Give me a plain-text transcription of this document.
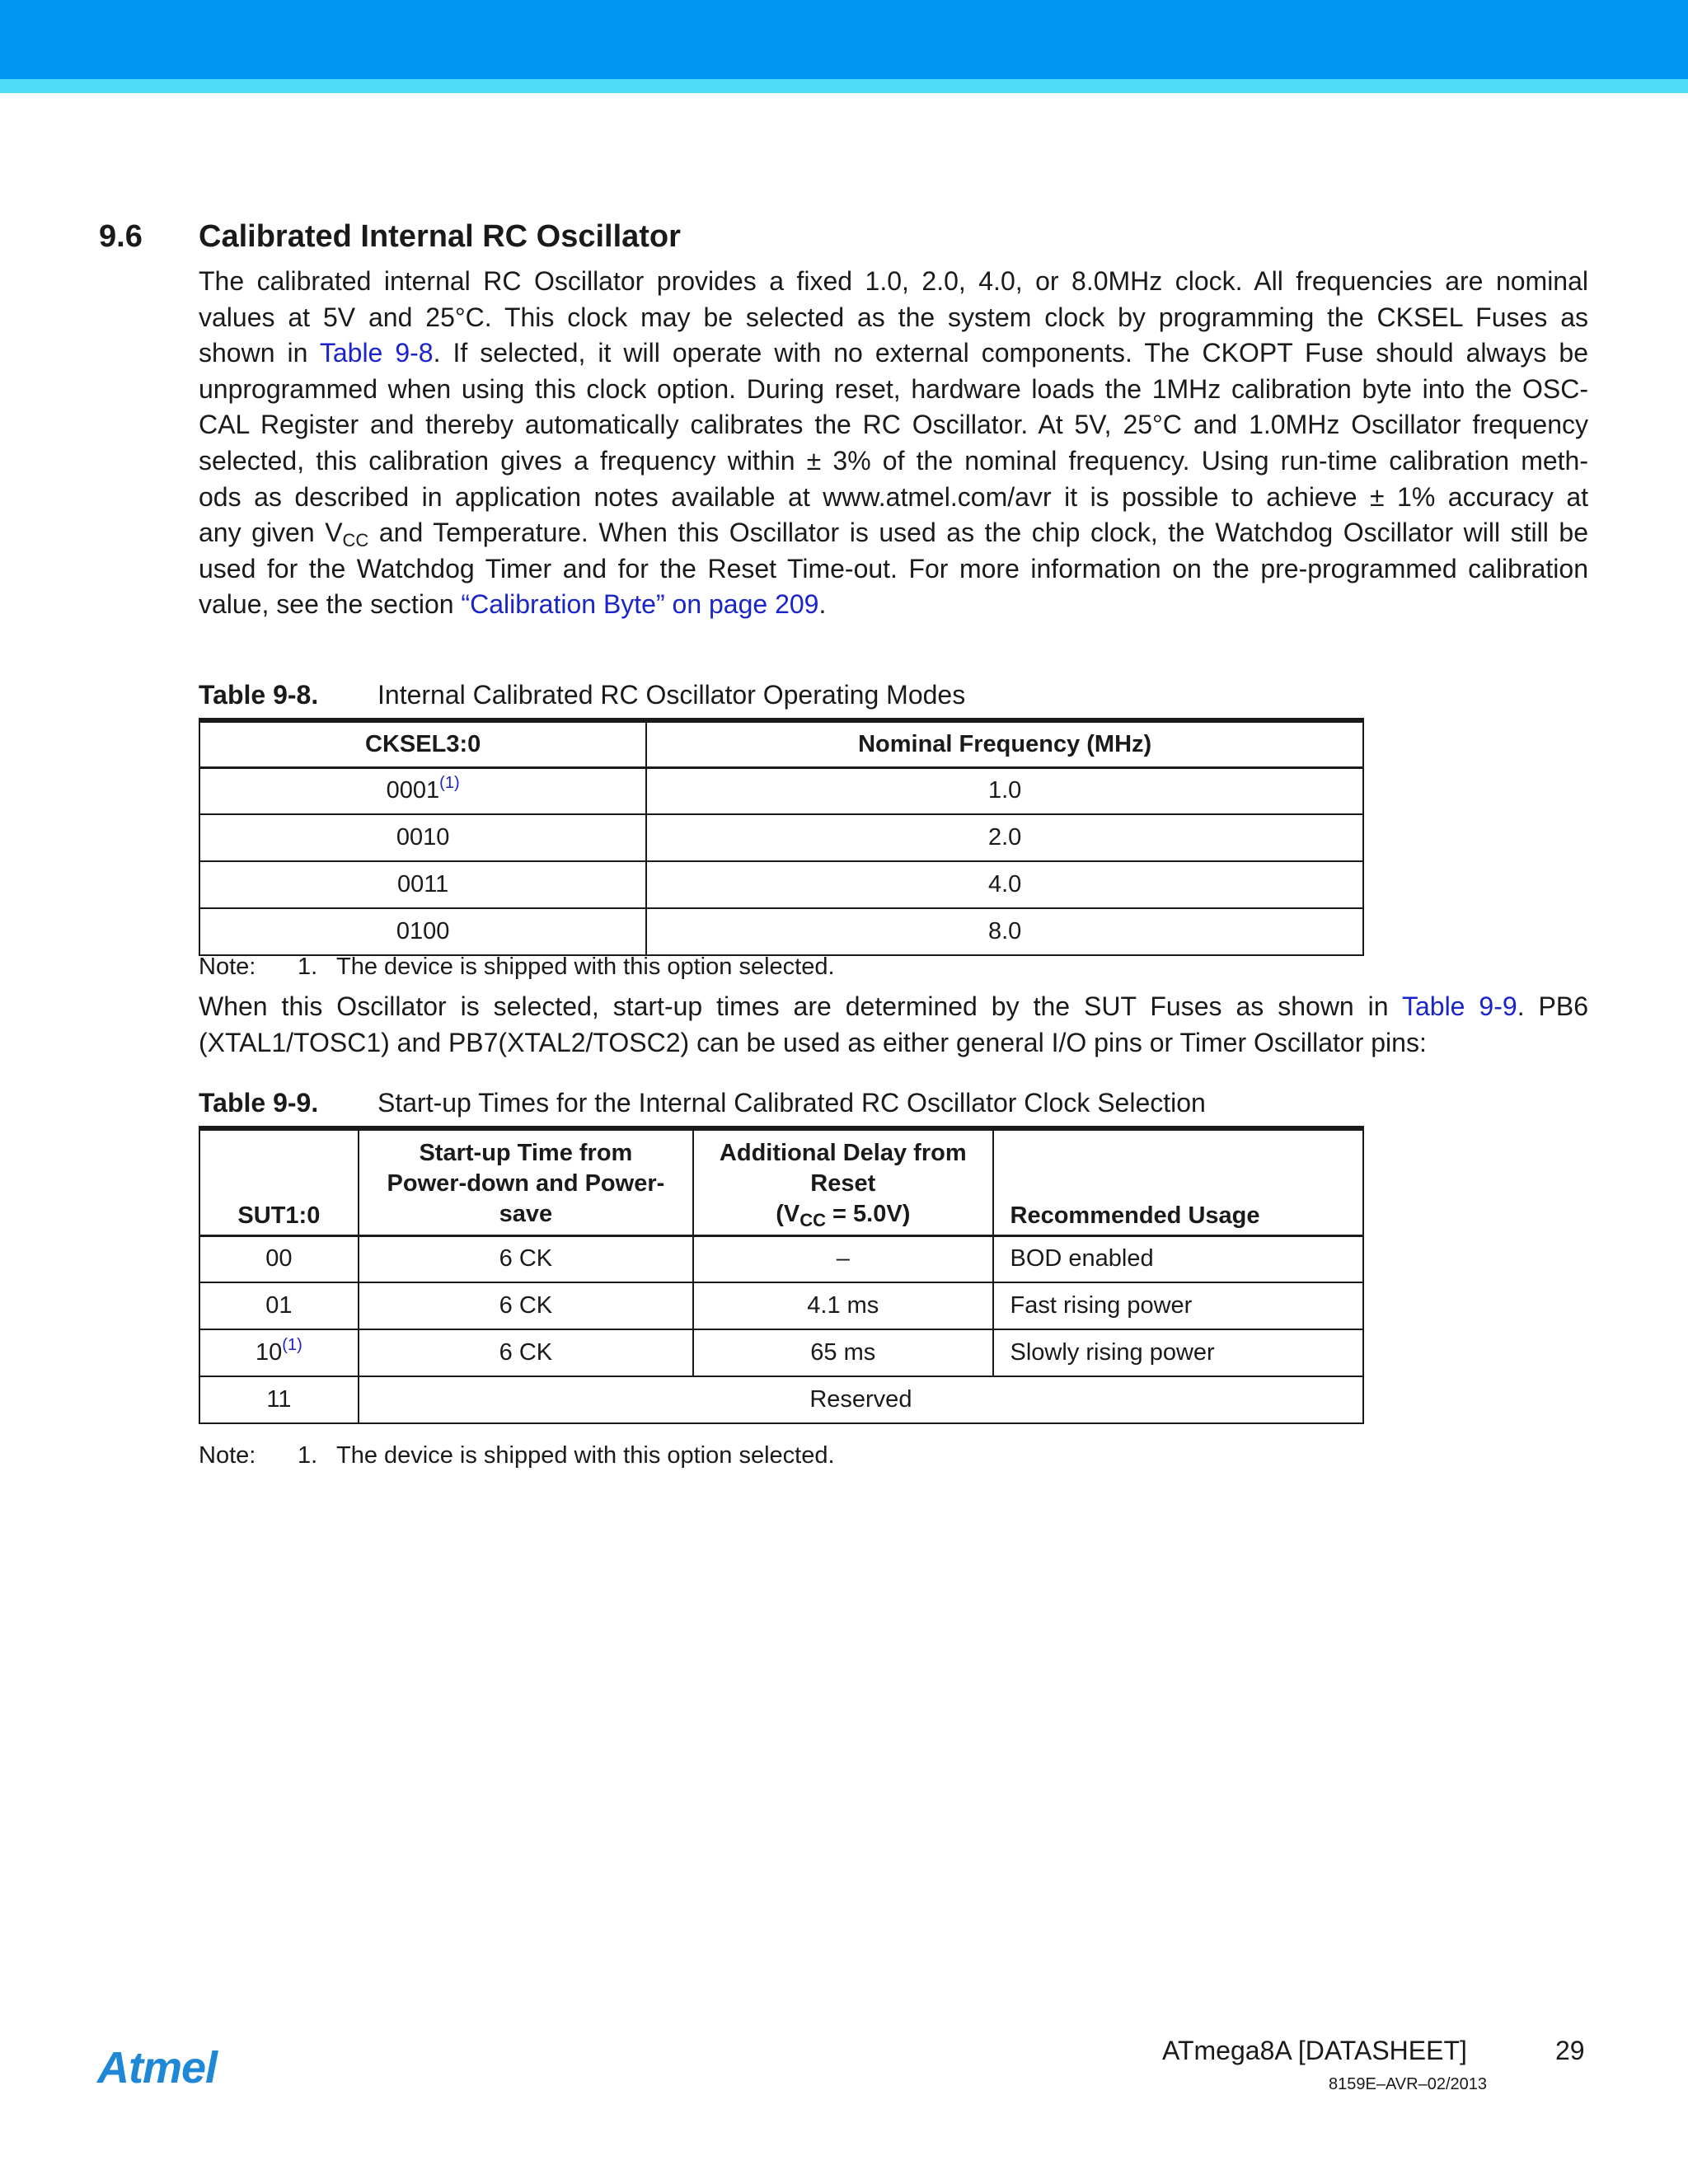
9.6 Calibrated Internal RC Oscillator
The calibrated internal RC Oscillator provides a fixed 1.0, 2.0, 4.0, or 8.0MHz clock. All frequencies are nominal
values at 5V and 25°C. This clock may be selected as the system clock by programming the CKSEL Fuses as
shown in Table 9-8. If selected, it will operate with no external components. The CKOPT Fuse should always be
unprogrammed when using this clock option. During reset, hardware loads the 1MHz calibration byte into the OSC-
CAL Register and thereby automatically calibrates the RC Oscillator. At 5V, 25°C and 1.0MHz Oscillator frequency
selected, this calibration gives a frequency within ± 3% of the nominal frequency. Using run-time calibration meth-
ods as described in application notes available at www.atmel.com/avr it is possible to achieve ± 1% accuracy at
any given $V_{CC}$ and Temperature. When this Oscillator is used as the chip clock, the Watchdog Oscillator will still be
used for the Watchdog Timer and for the Reset Time-out. For more information on the pre-programmed calibration
value, see the section “Calibration Byte” on page 209.
Table 9-8. Internal Calibrated RC Oscillator Operating Modes
CKSEL3:0	Nominal Frequency (MHz)
0001$^{(1)}$	1.0
0010	2.0
0011	4.0
0100	8.0
Note: 1. The device is shipped with this option selected.
When this Oscillator is selected, start-up times are determined by the SUT Fuses as shown in Table 9-9. PB6
(XTAL1/TOSC1) and PB7(XTAL2/TOSC2) can be used as either general I/O pins or Timer Oscillator pins:
Table 9-9. Start-up Times for the Internal Calibrated RC Oscillator Clock Selection
SUT1:0	Start-up Time from
Power-down and Power-
save	Additional Delay from
Reset
$(V_{CC} = 5.0V)$	Recommended Usage
00	6 CK	–	BOD enabled
01	6 CK	4.1 ms	Fast rising power
10$^{(1)}$	6 CK	65 ms	Slowly rising power
11	Reserved		
Note: 1. The device is shipped with this option selected.
Atmel	ATmega8A [DATASHEET]	29
8159E–AVR–02/2013
